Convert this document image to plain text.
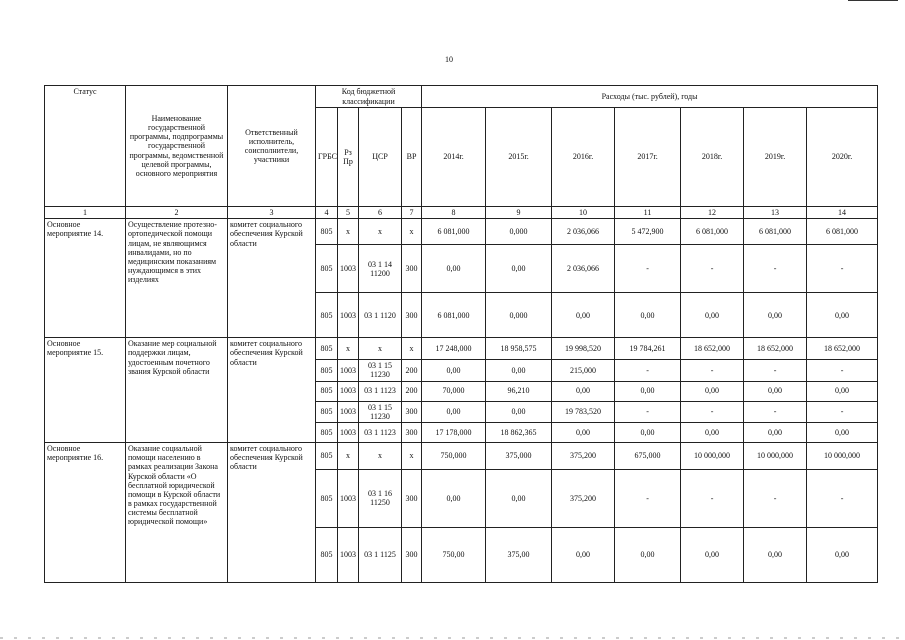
10
Статус	Наименование государственной программы, подпрограммы государственной программы, ведомственной целевой программы, основного мероприятия	Ответственный исполнитель, соисполнители, участники	Код бюджетной классификации				Расходы (тыс. рублей), годы						
			ГРБС	Рз Пр	ЦСР	ВР	2014г.	2015г.	2016г.	2017г.	2018г.	2019г.	2020г.
1	2	3	4	5	6	7	8	9	10	11	12	13	14
Основное мероприятие 14.	Осуществление протезно-ортопедической помощи лицам, не являющимся инвалидами, но по медицинским показаниям нуждающимся в этих изделиях	комитет социального обеспечения Курской области	805	х	х	х	6 081,000	0,000	2 036,066	5 472,900	6 081,000	6 081,000	6 081,000
			805	1003	03 1 14 11200	300	0,00	0,00	2 036,066	-	-	-	-
			805	1003	03 1 1120	300	6 081,000	0,000	0,00	0,00	0,00	0,00	0,00
Основное мероприятие 15.	Оказание мер социальной поддержки лицам, удостоенным почетного звания Курской области	комитет социального обеспечения Курской области	805	х	х	х	17 248,000	18 958,575	19 998,520	19 784,261	18 652,000	18 652,000	18 652,000
			805	1003	03 1 15 11230	200	0,00	0,00	215,000	-	-	-	-
			805	1003	03 1 1123	200	70,000	96,210	0,00	0,00	0,00	0,00	0,00
			805	1003	03 1 15 11230	300	0,00	0,00	19 783,520	-	-	-	-
			805	1003	03 1 1123	300	17 178,000	18 862,365	0,00	0,00	0,00	0,00	0,00
Основное мероприятие 16.	Оказание социальной помощи населению в рамках реализации Закона Курской области «О бесплатной юридической помощи в Курской области в рамках государственной системы бесплатной юридической помощи»	комитет социального обеспечения Курской области	805	х	х	х	750,000	375,000	375,200	675,000	10 000,000	10 000,000	10 000,000
			805	1003	03 1 16 11250	300	0,00	0,00	375,200	-	-	-	-
			805	1003	03 1 1125	300	750,00	375,00	0,00	0,00	0,00	0,00	0,00
